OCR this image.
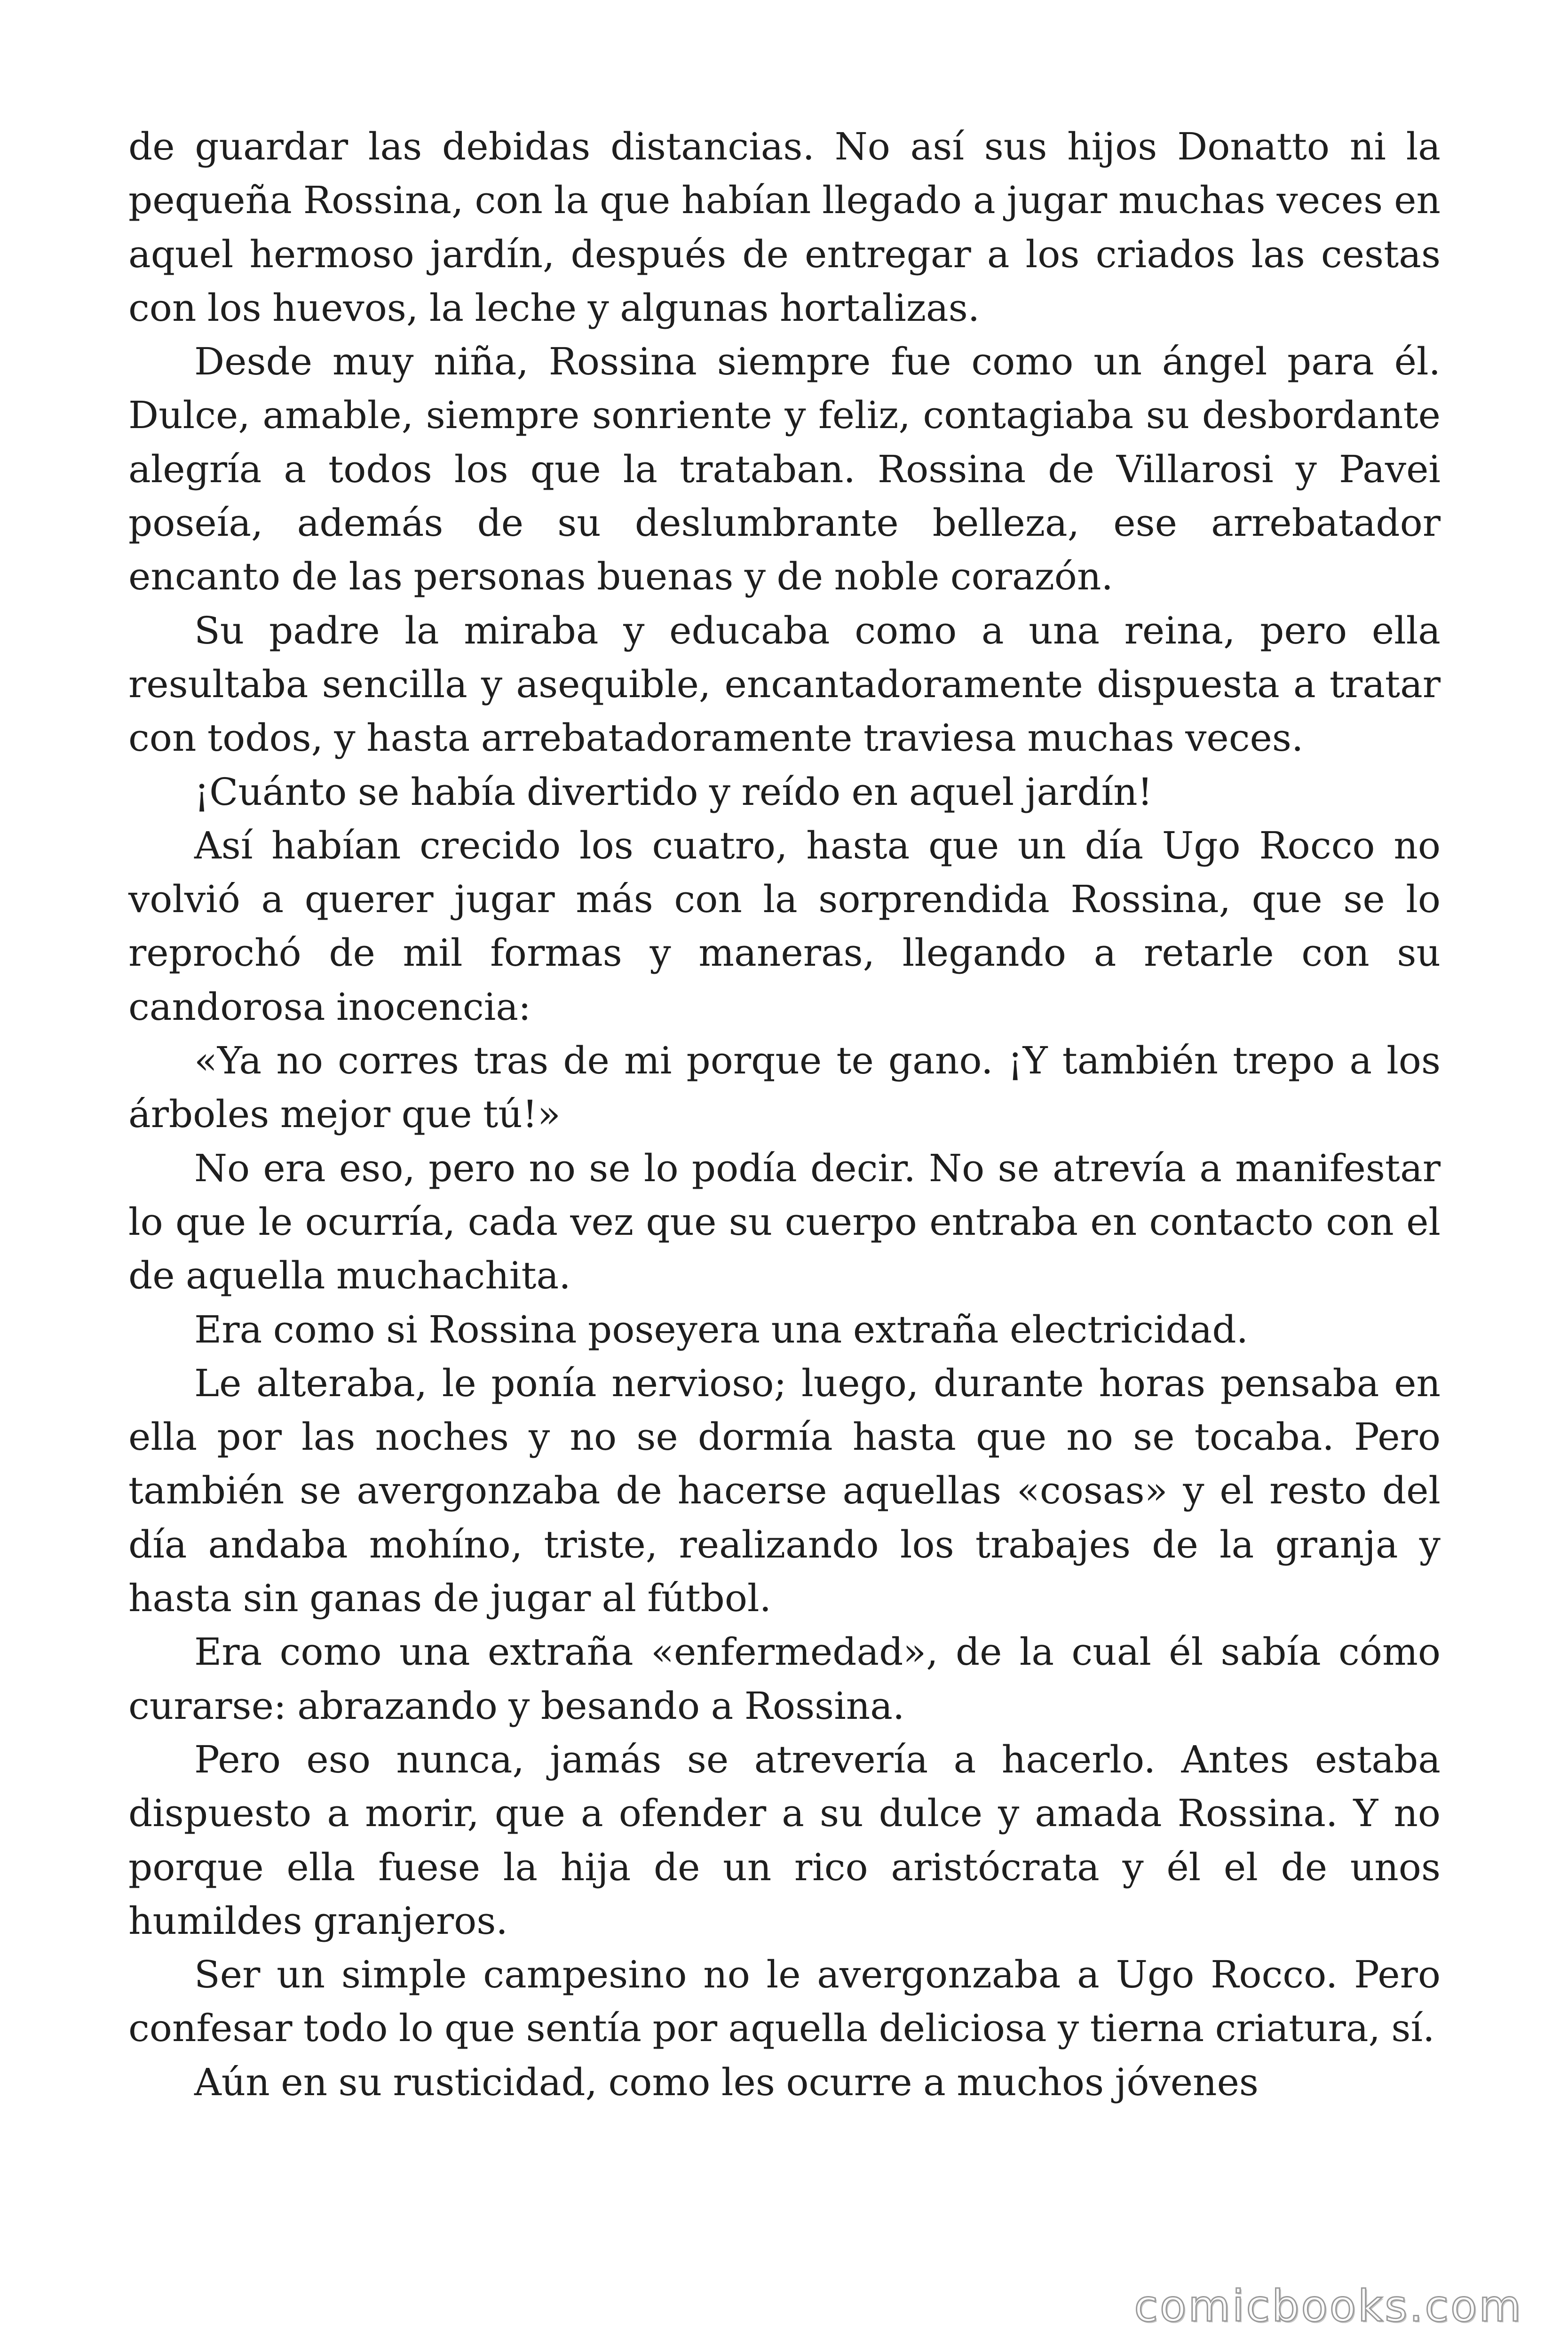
de guardar las debidas distancias. No así sus hijos Donatto ni la pequeña Rossina, con la que habían llegado a jugar muchas veces en aquel hermoso jardín, después de entregar a los criados las cestas con los huevos, la leche y algunas hortalizas.

Desde muy niña, Rossina siempre fue como un ángel para él. Dulce, amable, siempre sonriente y feliz, contagiaba su desbordante alegría a todos los que la trataban. Rossina de Villarosi y Pavei poseía, además de su deslumbrante belleza, ese arrebatador encanto de las personas buenas y de noble corazón.

Su padre la miraba y educaba como a una reina, pero ella resultaba sencilla y asequible, encantadoramente dispuesta a tratar con todos, y hasta arrebatadoramente traviesa muchas veces.

¡Cuánto se había divertido y reído en aquel jardín!

Así habían crecido los cuatro, hasta que un día Ugo Rocco no volvió a querer jugar más con la sorprendida Rossina, que se lo reprochó de mil formas y maneras, llegando a retarle con su candorosa inocencia:

«Ya no corres tras de mi porque te gano. ¡Y también trepo a los árboles mejor que tú!»

No era eso, pero no se lo podía decir. No se atrevía a manifestar lo que le ocurría, cada vez que su cuerpo entraba en contacto con el de aquella muchachita.

Era como si Rossina poseyera una extraña electricidad.

Le alteraba, le ponía nervioso; luego, durante horas pensaba en ella por las noches y no se dormía hasta que no se tocaba. Pero también se avergonzaba de hacerse aquellas «cosas» y el resto del día andaba mohíno, triste, realizando los trabajes de la granja y hasta sin ganas de jugar al fútbol.

Era como una extraña «enfermedad», de la cual él sabía cómo curarse: abrazando y besando a Rossina.

Pero eso nunca, jamás se atrevería a hacerlo. Antes estaba dispuesto a morir, que a ofender a su dulce y amada Rossina. Y no porque ella fuese la hija de un rico aristócrata y él el de unos humildes granjeros.

Ser un simple campesino no le avergonzaba a Ugo Rocco. Pero confesar todo lo que sentía por aquella deliciosa y tierna criatura, sí.

Aún en su rusticidad, como les ocurre a muchos jóvenes

comicbooks.com
